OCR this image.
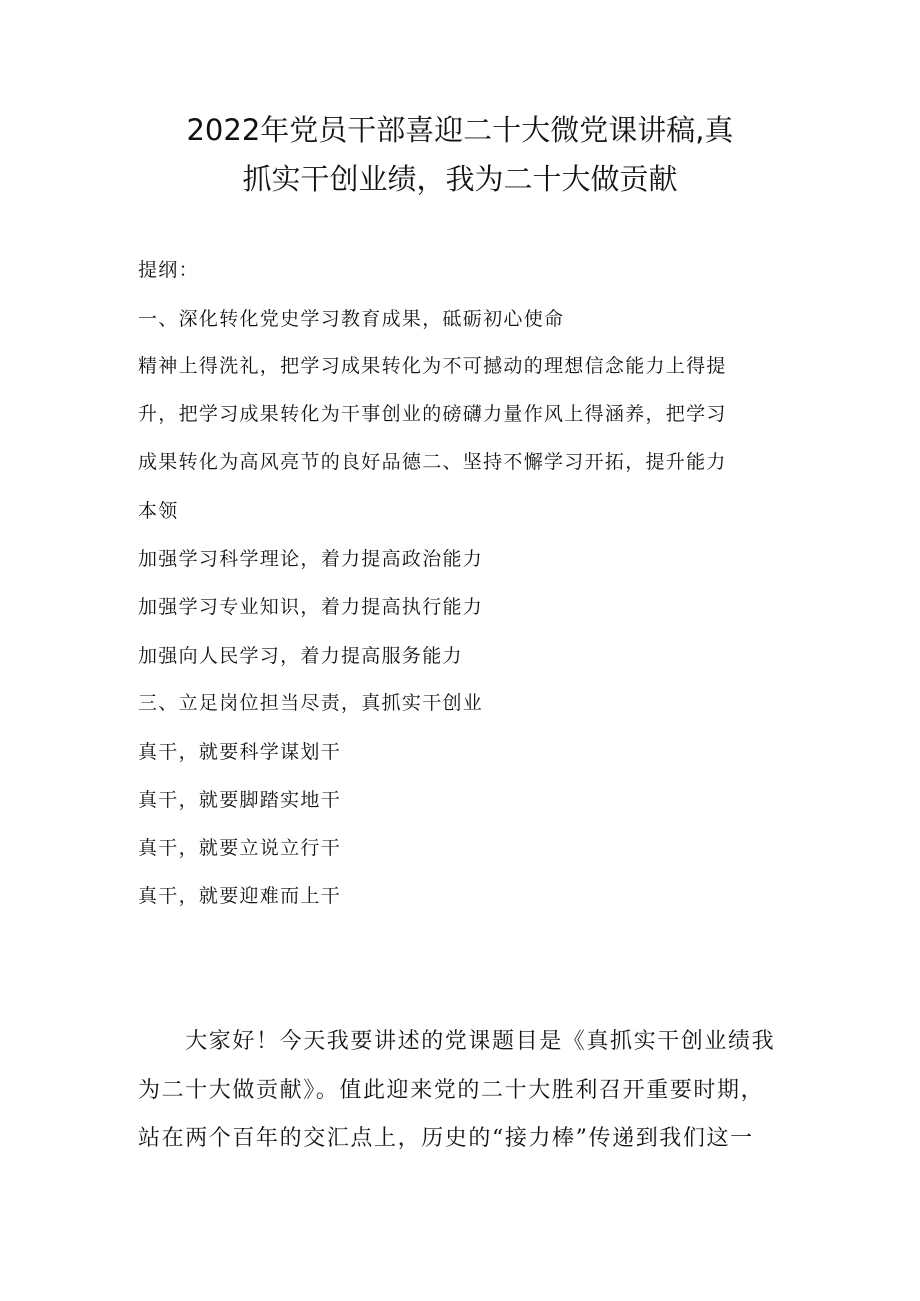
2022年党员干部喜迎二十大微党课讲稿,真
抓实干创业绩，我为二十大做贡献
提纲：
一、深化转化党史学习教育成果，砥砺初心使命
精神上得洗礼，把学习成果转化为不可撼动的理想信念能力上得提
升，把学习成果转化为干事创业的磅礴力量作风上得涵养，把学习
成果转化为高风亮节的良好品德二、坚持不懈学习开拓，提升能力
本领
加强学习科学理论，着力提高政治能力
加强学习专业知识，着力提高执行能力
加强向人民学习，着力提高服务能力
三、立足岗位担当尽责，真抓实干创业
真干，就要科学谋划干
真干，就要脚踏实地干
真干，就要立说立行干
真干，就要迎难而上干
　　大家好！今天我要讲述的党课题目是《真抓实干创业绩我
为二十大做贡献》。值此迎来党的二十大胜利召开重要时期，
站在两个百年的交汇点上，历史的“接力棒”传递到我们这一
